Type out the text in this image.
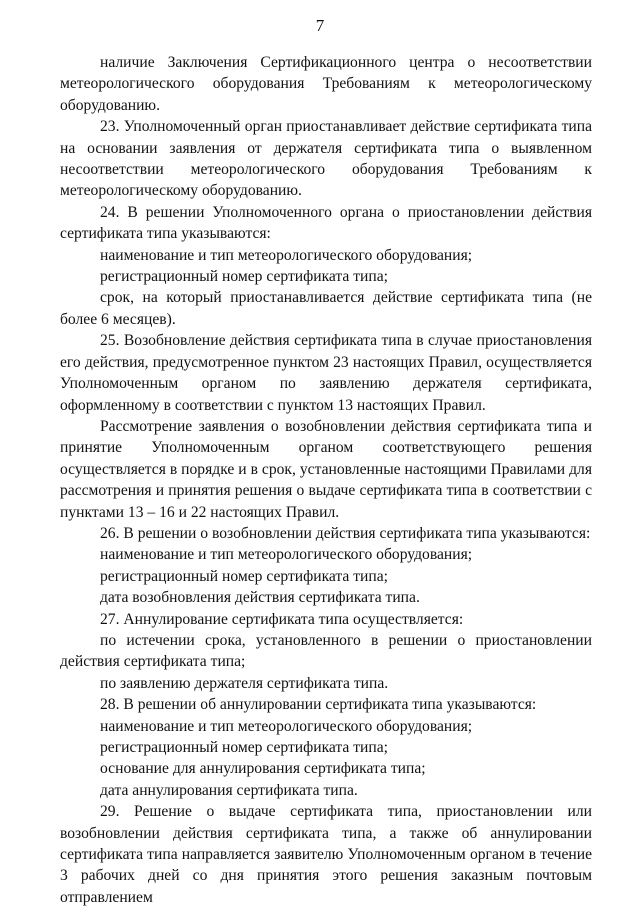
7

наличие Заключения Сертификационного центра о несоответствии метеорологического оборудования Требованиям к метеорологическому оборудованию.

23. Уполномоченный орган приостанавливает действие сертификата типа на основании заявления от держателя сертификата типа о выявленном несоответствии метеорологического оборудования Требованиям к метеорологическому оборудованию.

24. В решении Уполномоченного органа о приостановлении действия сертификата типа указываются:

наименование и тип метеорологического оборудования;

регистрационный номер сертификата типа;

срок, на который приостанавливается действие сертификата типа (не более 6 месяцев).

25. Возобновление действия сертификата типа в случае приостановления его действия, предусмотренное пунктом 23 настоящих Правил, осуществляется Уполномоченным органом по заявлению держателя сертификата, оформленному в соответствии с пунктом 13 настоящих Правил.

Рассмотрение заявления о возобновлении действия сертификата типа и принятие Уполномоченным органом соответствующего решения осуществляется в порядке и в срок, установленные настоящими Правилами для рассмотрения и принятия решения о выдаче сертификата типа в соответствии с пунктами 13 – 16 и 22 настоящих Правил.

26. В решении о возобновлении действия сертификата типа указываются:

наименование и тип метеорологического оборудования;

регистрационный номер сертификата типа;

дата возобновления действия сертификата типа.

27. Аннулирование сертификата типа осуществляется:

по истечении срока, установленного в решении о приостановлении действия сертификата типа;

по заявлению держателя сертификата типа.

28. В решении об аннулировании сертификата типа указываются:

наименование и тип метеорологического оборудования;

регистрационный номер сертификата типа;

основание для аннулирования сертификата типа;

дата аннулирования сертификата типа.

29. Решение о выдаче сертификата типа, приостановлении или возобновлении действия сертификата типа, а также об аннулировании сертификата типа направляется заявителю Уполномоченным органом в течение 3 рабочих дней со дня принятия этого решения заказным почтовым отправлением
